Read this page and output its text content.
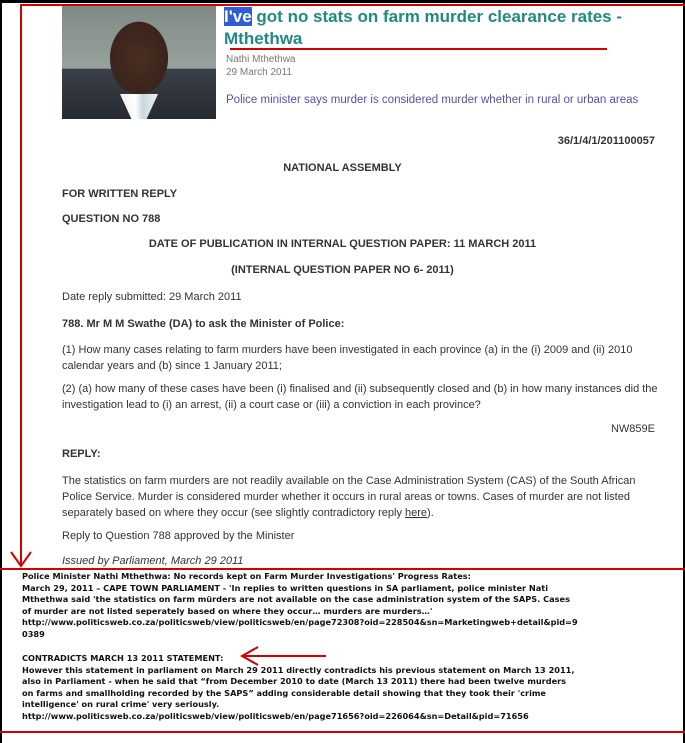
I've got no stats on farm murder clearance rates - Mthethwa
Nathi Mthethwa
29 March 2011
Police minister says murder is considered murder whether in rural or urban areas
36/1/4/1/201100057
NATIONAL ASSEMBLY
FOR WRITTEN REPLY
QUESTION NO 788
DATE OF PUBLICATION IN INTERNAL QUESTION PAPER: 11 MARCH 2011
(INTERNAL QUESTION PAPER NO 6- 2011)
Date reply submitted: 29 March 2011
788. Mr M M Swathe (DA) to ask the Minister of Police:

(1) How many cases relating to farm murders have been investigated in each province (a) in the (i) 2009 and (ii) 2010 calendar years and (b) since 1 January 2011;

(2) (a) how many of these cases have been (i) finalised and (ii) subsequently closed and (b) in how many instances did the investigation lead to (i) an arrest, (ii) a court case or (iii) a conviction in each province?

NW859E
REPLY:

The statistics on farm murders are not readily available on the Case Administration System (CAS) of the South African Police Service. Murder is considered murder whether it occurs in rural areas or towns. Cases of murder are not listed separately based on where they occur (see slightly contradictory reply here).

Reply to Question 788 approved by the Minister
Issued by Parliament, March 29 2011
Police Minister Nathi Mthethwa: No records kept on Farm Murder Investigations' Progress Rates:
March 29, 2011 – CAPE TOWN PARLIAMENT - 'In replies to written questions in SA parliament, police minister Nati
Mthethwa said 'the statistics on farm mürders are not available on the case administration system of the SAPS. Cases
of murder are not listed seperately based on where they occur… murders are murders…'
http://www.politicsweb.co.za/politicsweb/view/politicsweb/en/page72308?oid=228504&sn=Marketingweb+detail&pid=9
0389
CONTRADICTS MARCH 13 2011 STATEMENT:
However this statement in parliament on March 29 2011 directly contradicts his previous statement on March 13 2011,
also in Parliament - when he said that “from December 2010 to date (March 13 2011) there had been twelve murders
on farms and smallholding recorded by the SAPS” adding considerable detail showing that they took their 'crime
intelligence' on rural crime' very seriously.
http://www.politicsweb.co.za/politicsweb/view/politicsweb/en/page71656?oid=226064&sn=Detail&pid=71656
